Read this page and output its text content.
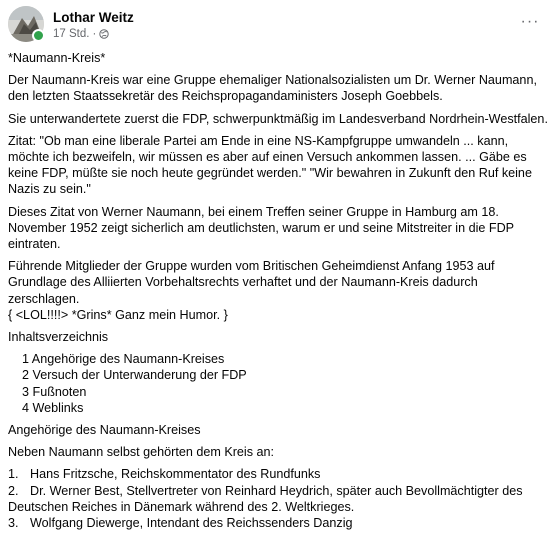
Lothar Weitz
17 Std. ·
···

*Naumann-Kreis*

Der Naumann-Kreis war eine Gruppe ehemaliger Nationalsozialisten um Dr. Werner Naumann, den letzten Staatssekretär des Reichspropagandaministers Joseph Goebbels.

Sie unterwandertete zuerst die FDP, schwerpunktmäßig im Landesverband Nordrhein-Westfalen.

Zitat: "Ob man eine liberale Partei am Ende in eine NS-Kampfgruppe umwandeln ... kann, möchte ich bezweifeln, wir müssen es aber auf einen Versuch ankommen lassen. ... Gäbe es keine FDP, müßte sie noch heute gegründet werden." "Wir bewahren in Zukunft den Ruf keine Nazis zu sein."

Dieses Zitat von Werner Naumann, bei einem Treffen seiner Gruppe in Hamburg am 18. November 1952 zeigt sicherlich am deutlichsten, warum er und seine Mitstreiter in die FDP eintraten.

Führende Mitglieder der Gruppe wurden vom Britischen Geheimdienst Anfang 1953 auf Grundlage des Alliierten Vorbehaltsrechts verhaftet und der Naumann-Kreis dadurch zerschlagen.
{ <LOL!!!!> *Grins* Ganz mein Humor. }

Inhaltsverzeichnis

1 Angehörige des Naumann-Kreises
2 Versuch der Unterwanderung der FDP
3 Fußnoten
4 Weblinks

Angehörige des Naumann-Kreises

Neben Naumann selbst gehörten dem Kreis an:

1. Hans Fritzsche, Reichskommentator des Rundfunks
2. Dr. Werner Best, Stellvertreter von Reinhard Heydrich, später auch Bevollmächtigter des Deutschen Reiches in Dänemark während des 2. Weltkrieges.
3. Wolfgang Diewerge, Intendant des Reichssenders Danzig
